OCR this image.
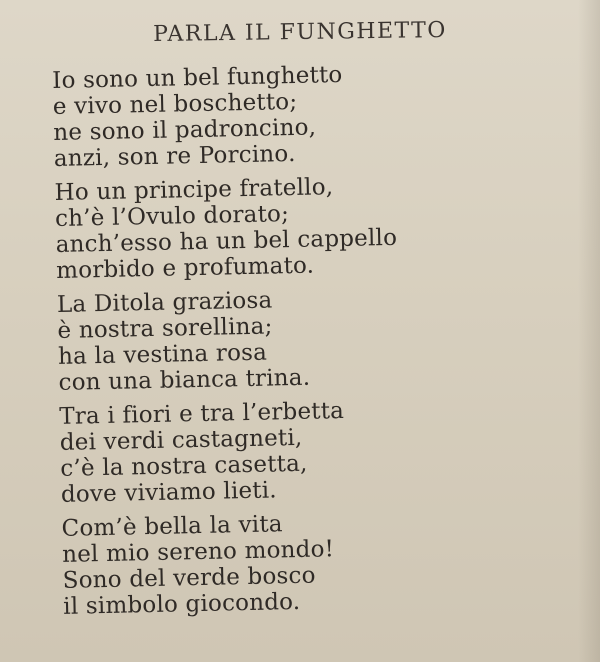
PARLA IL FUNGHETTO
Io sono un bel funghetto
e vivo nel boschetto;
ne sono il padroncino,
anzi, son re Porcino.
Ho un principe fratello,
ch’è l’Ovulo dorato;
anch’esso ha un bel cappello
morbido e profumato.
La Ditola graziosa
è nostra sorellina;
ha la vestina rosa
con una bianca trina.
Tra i fiori e tra l’erbetta
dei verdi castagneti,
c’è la nostra casetta,
dove viviamo lieti.
Com’è bella la vita
nel mio sereno mondo!
Sono del verde bosco
il simbolo giocondo.
